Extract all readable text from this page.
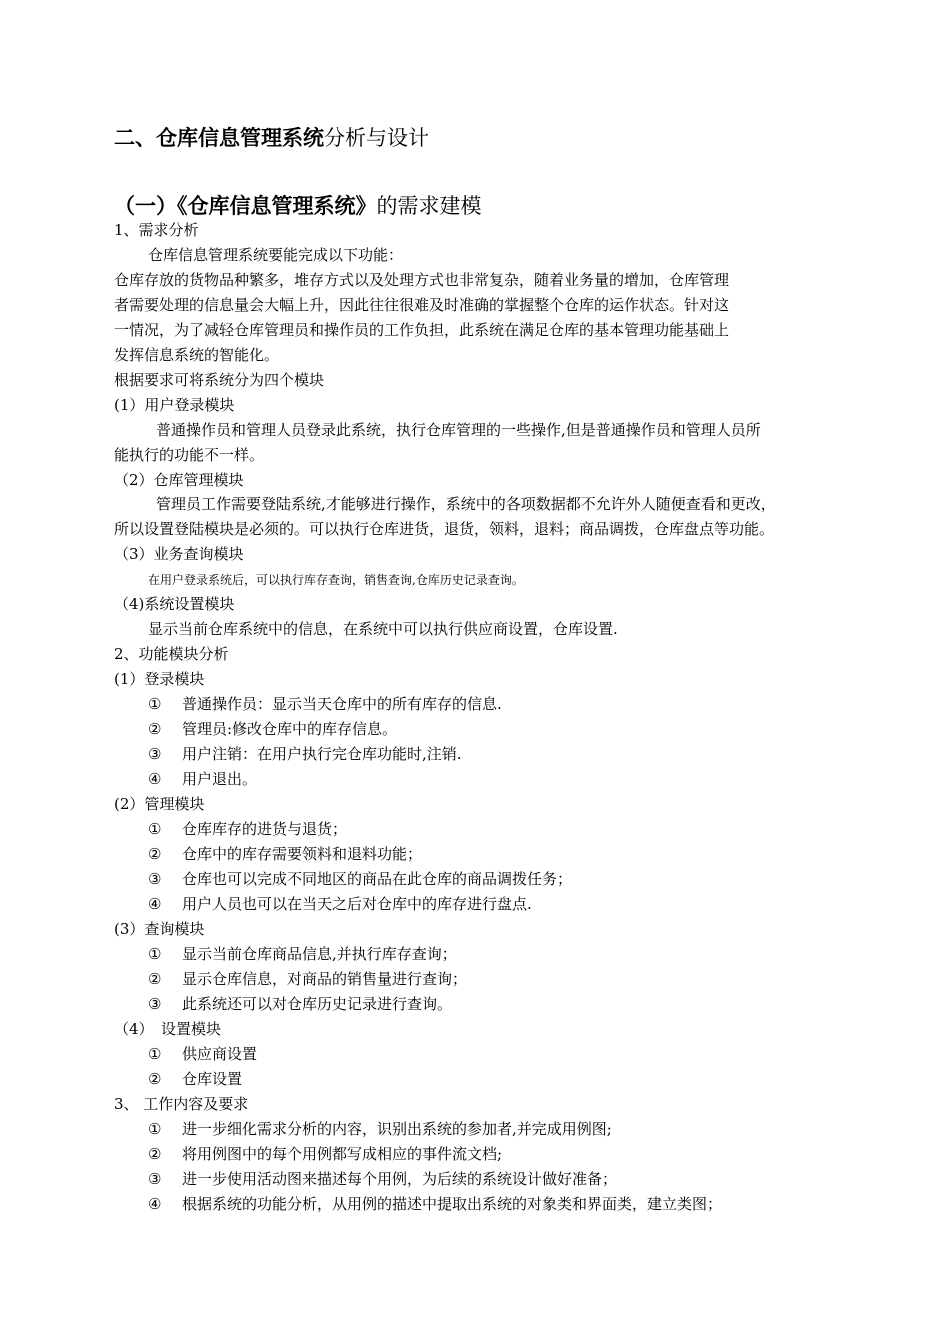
二、仓库信息管理系统分析与设计
（一）《仓库信息管理系统》的需求建模
1、需求分析
仓库信息管理系统要能完成以下功能：
仓库存放的货物品种繁多，堆存方式以及处理方式也非常复杂，随着业务量的增加，仓库管理
者需要处理的信息量会大幅上升，因此往往很难及时准确的掌握整个仓库的运作状态。针对这
一情况，为了减轻仓库管理员和操作员的工作负担，此系统在满足仓库的基本管理功能基础上
发挥信息系统的智能化。
根据要求可将系统分为四个模块
(1）用户登录模块
普通操作员和管理人员登录此系统，执行仓库管理的一些操作,但是普通操作员和管理人员所
能执行的功能不一样。
（2）仓库管理模块
管理员工作需要登陆系统,才能够进行操作，系统中的各项数据都不允许外人随便查看和更改，
所以设置登陆模块是必须的。可以执行仓库进货，退货，领料，退料；商品调拨，仓库盘点等功能。
（3）业务查询模块
在用户登录系统后，可以执行库存查询，销售查询,仓库历史记录查询。
（4)系统设置模块
显示当前仓库系统中的信息，在系统中可以执行供应商设置，仓库设置.
2、功能模块分析
(1）登录模块
① 普通操作员：显示当天仓库中的所有库存的信息.
② 管理员:修改仓库中的库存信息。
③ 用户注销：在用户执行完仓库功能时,注销.
④ 用户退出。
(2）管理模块
① 仓库库存的进货与退货；
② 仓库中的库存需要领料和退料功能；
③ 仓库也可以完成不同地区的商品在此仓库的商品调拨任务；
④ 用户人员也可以在当天之后对仓库中的库存进行盘点.
(3）查询模块
① 显示当前仓库商品信息,并执行库存查询；
② 显示仓库信息，对商品的销售量进行查询；
③ 此系统还可以对仓库历史记录进行查询。
（4）　设置模块
① 供应商设置
② 仓库设置
3、 工作内容及要求
① 进一步细化需求分析的内容，识别出系统的参加者,并完成用例图;
② 将用例图中的每个用例都写成相应的事件流文档;
③ 进一步使用活动图来描述每个用例，为后续的系统设计做好准备；
④ 根据系统的功能分析，从用例的描述中提取出系统的对象类和界面类，建立类图；
